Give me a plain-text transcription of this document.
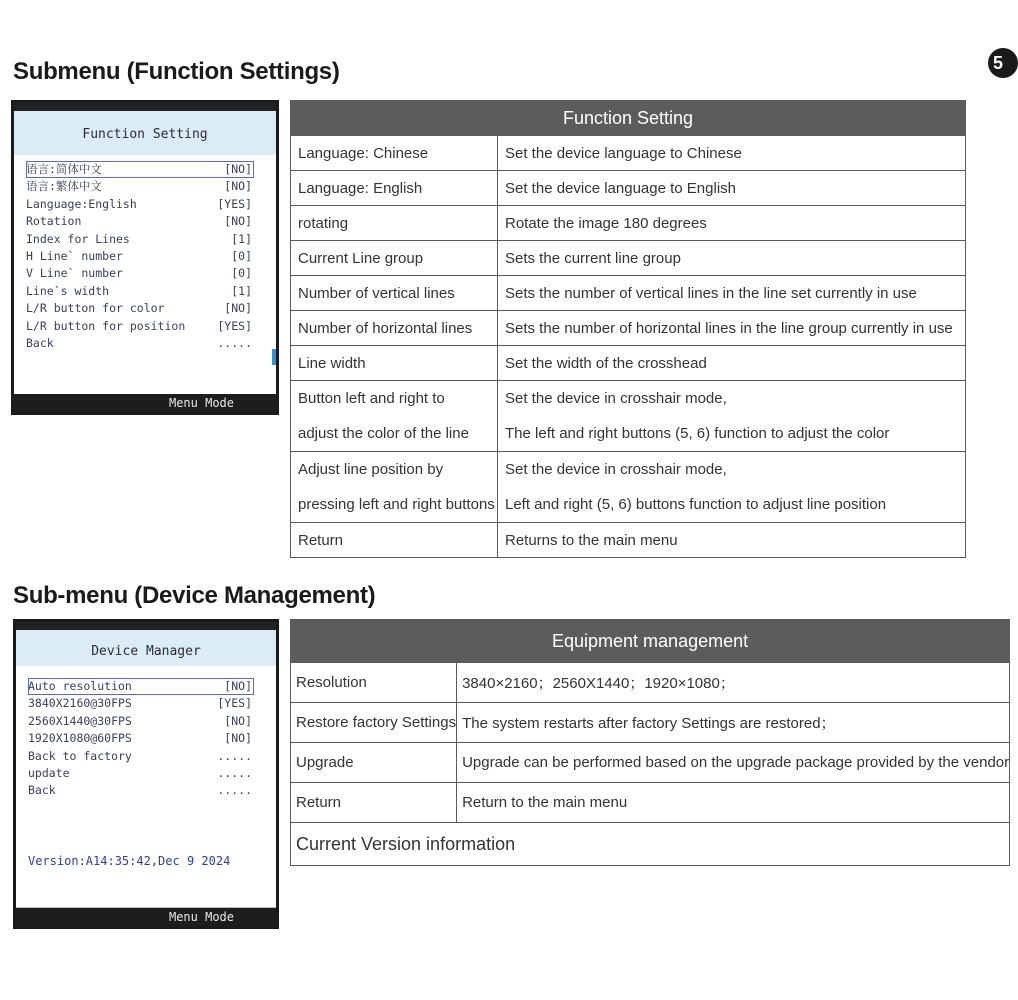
5
Submenu (Function Settings)
Function Setting
语言:简体中文	[NO]
语言:繁体中文	[NO]
Language:English	[YES]
Rotation	[NO]
Index for Lines	[1]
H Line` number	[0]
V Line` number	[0]
Line`s width	[1]
L/R button for color	[NO]
L/R button for position	[YES]
Back	.....
Menu Mode
Function Setting	
Language: Chinese	Set the device language to Chinese
Language: English	Set the device language to English
rotating	Rotate the image 180 degrees
Current Line group	Sets the current line group
Number of vertical lines	Sets the number of vertical lines in the line set currently in use
Number of horizontal lines	Sets the number of horizontal lines in the line group currently in use
Line width	Set the width of the crosshead

Button left and right to
adjust the color of the line	Set the device in crosshair mode,
The left and right buttons (5, 6) function to adjust the color

Adjust line position by
pressing left and right buttons	Set the device in crosshair mode,
Left and right (5, 6) buttons function to adjust line position

Return	Returns to the main menu
Sub-menu (Device Management)
Device Manager
Auto resolution	[NO]
3840X2160@30FPS	[YES]
2560X1440@30FPS	[NO]
1920X1080@60FPS	[NO]
Back to factory	.....
update	.....
Back	.....
Version:A14:35:42,Dec 9 2024
Menu Mode
Equipment management	
Resolution	3840×2160；2560X1440；1920×1080；
Restore factory Settings	The system restarts after factory Settings are restored；
Upgrade	Upgrade can be performed based on the upgrade package provided by the vendor
Return	Return to the main menu
Current Version information	
